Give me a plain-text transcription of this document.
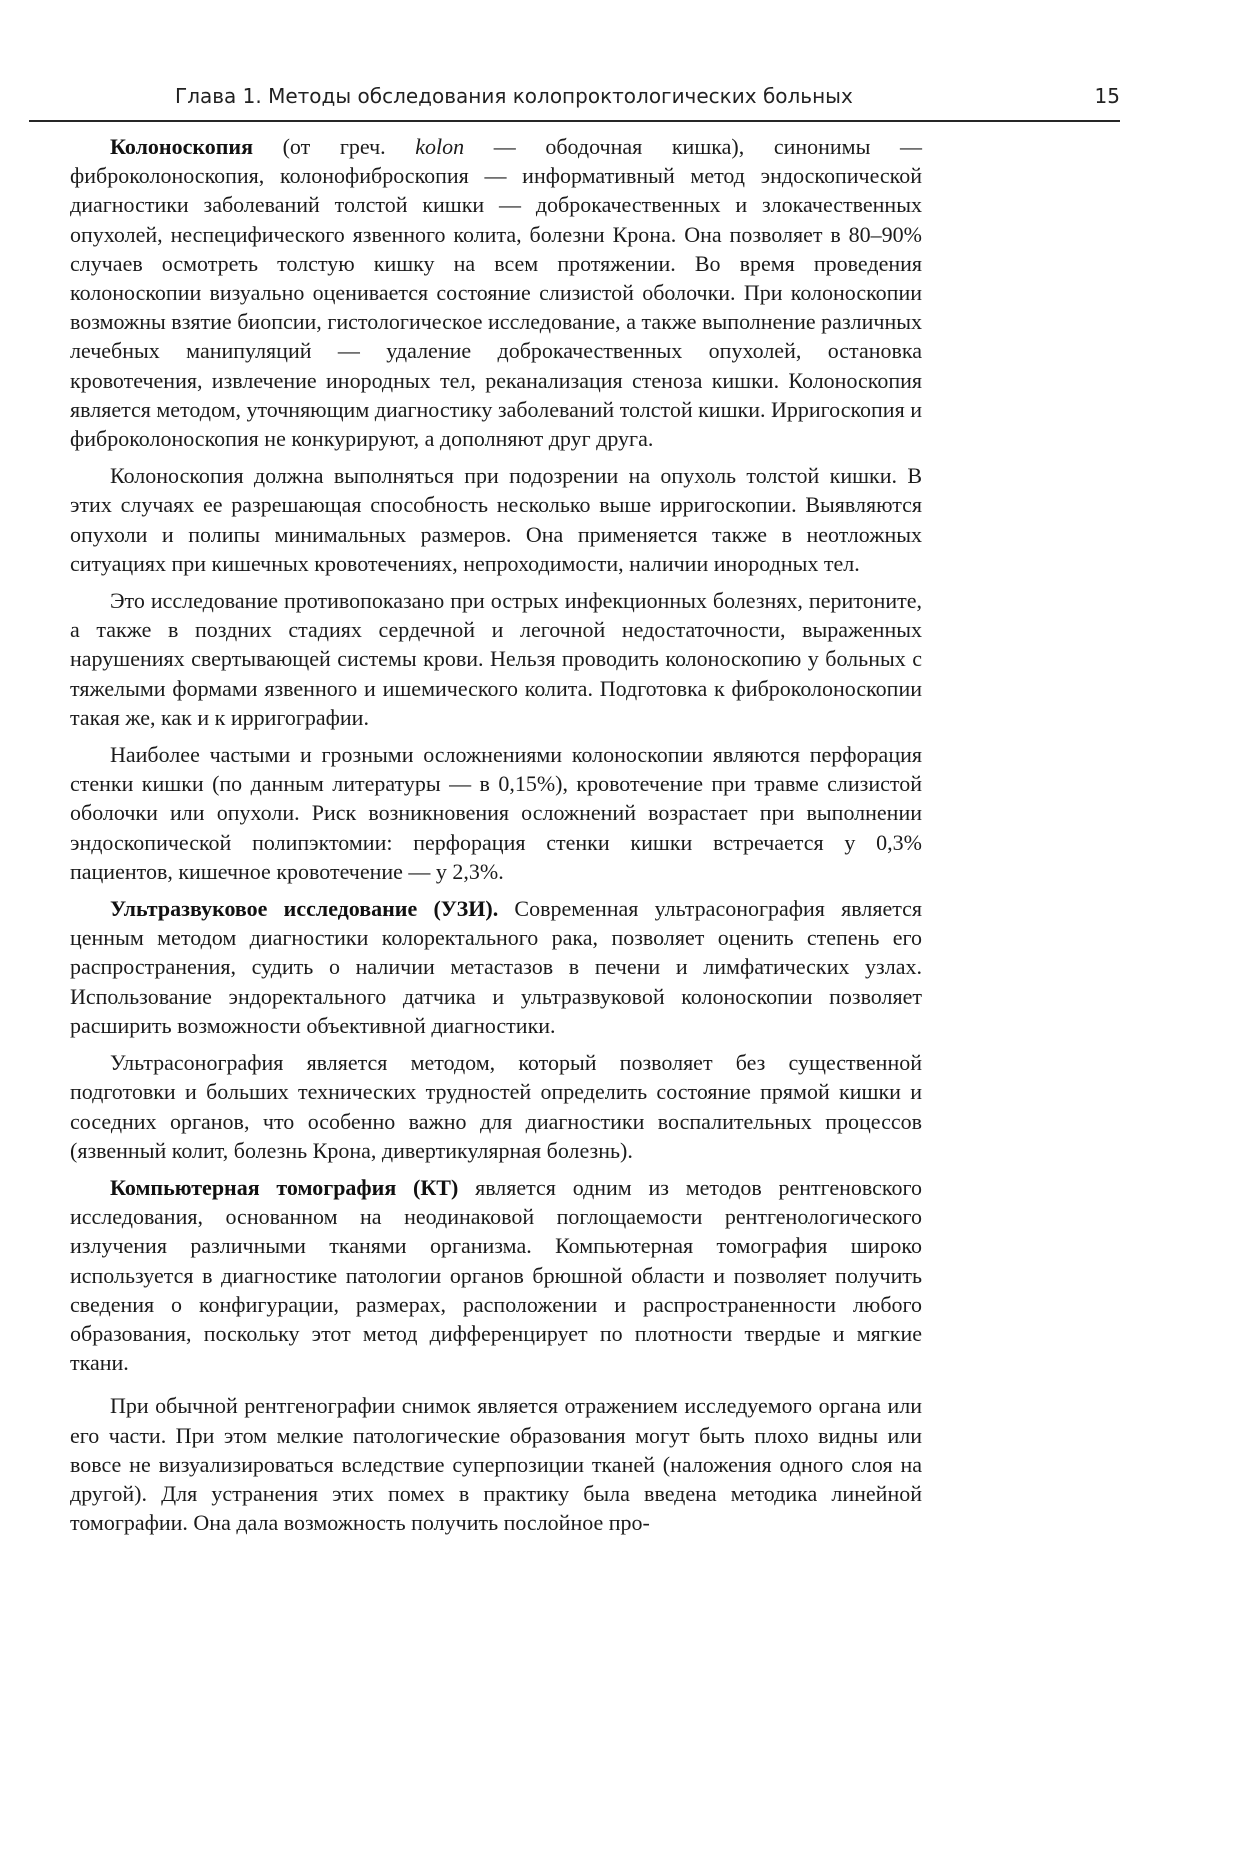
Глава 1. Методы обследования колопроктологических больных	15

Колоноскопия (от греч. kolon — ободочная кишка), синонимы — фиброколоноскопия, колонофиброскопия — информативный метод эндоскопической диагностики заболеваний толстой кишки — доброкачественных и злокачественных опухолей, неспецифического язвенного колита, болезни Крона. Она позволяет в 80–90% случаев осмотреть толстую кишку на всем протяжении. Во время проведения колоноскопии визуально оценивается состояние слизистой оболочки. При колоноскопии возможны взятие биопсии, гистологическое исследование, а также выполнение различных лечебных манипуляций — удаление доброкачественных опухолей, остановка кровотечения, извлечение инородных тел, реканализация стеноза кишки. Колоноскопия является методом, уточняющим диагностику заболеваний толстой кишки. Ирригоскопия и фиброколоноскопия не конкурируют, а дополняют друг друга.

Колоноскопия должна выполняться при подозрении на опухоль толстой кишки. В этих случаях ее разрешающая способность несколько выше ирригоскопии. Выявляются опухоли и полипы минимальных размеров. Она применяется также в неотложных ситуациях при кишечных кровотечениях, непроходимости, наличии инородных тел.

Это исследование противопоказано при острых инфекционных болезнях, перитоните, а также в поздних стадиях сердечной и легочной недостаточности, выраженных нарушениях свертывающей системы крови. Нельзя проводить колоноскопию у больных с тяжелыми формами язвенного и ишемического колита. Подготовка к фиброколоноскопии такая же, как и к ирригографии.

Наиболее частыми и грозными осложнениями колоноскопии являются перфорация стенки кишки (по данным литературы — в 0,15%), кровотечение при травме слизистой оболочки или опухоли. Риск возникновения осложнений возрастает при выполнении эндоскопической полипэктомии: перфорация стенки кишки встречается у 0,3% пациентов, кишечное кровотечение — у 2,3%.

Ультразвуковое исследование (УЗИ). Современная ультрасонография является ценным методом диагностики колоректального рака, позволяет оценить степень его распространения, судить о наличии метастазов в печени и лимфатических узлах. Использование эндоректального датчика и ультразвуковой колоноскопии позволяет расширить возможности объективной диагностики.

Ультрасонография является методом, который позволяет без существенной подготовки и больших технических трудностей определить состояние прямой кишки и соседних органов, что особенно важно для диагностики воспалительных процессов (язвенный колит, болезнь Крона, дивертикулярная болезнь).

Компьютерная томография (КТ) является одним из методов рентгеновского исследования, основанном на неодинаковой поглощаемости рентгенологического излучения различными тканями организма. Компьютерная томография широко используется в диагностике патологии органов брюшной области и позволяет получить сведения о конфигурации, размерах, расположении и распространенности любого образования, поскольку этот метод дифференцирует по плотности твердые и мягкие ткани.

При обычной рентгенографии снимок является отражением исследуемого органа или его части. При этом мелкие патологические образования могут быть плохо видны или вовсе не визуализироваться вследствие суперпозиции тканей (наложения одного слоя на другой). Для устранения этих помех в практику была введена методика линейной томографии. Она дала возможность получить послойное про-
